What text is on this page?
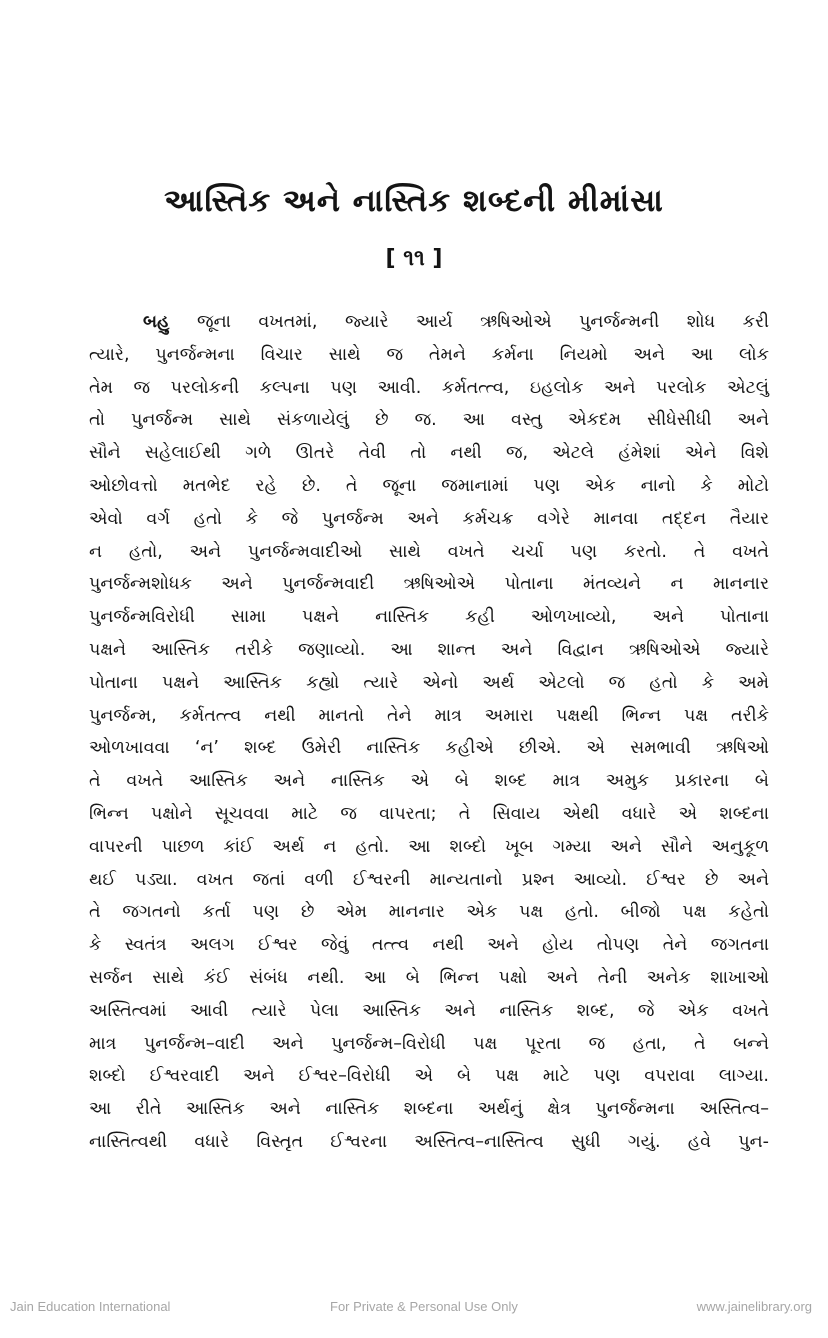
આસ્તિક અને નાસ્તિક શબ્દની મીમાંસા
[ ૧૧ ]
બહુ જૂના વખતમાં, જ્યારે આર્ય ઋષિઓએ પુનર્જન્મની શોધ કરી
ત્યારે, પુનર્જન્મના વિચાર સાથે જ તેમને કર્મના નિયમો અને આ લોક
તેમ જ પરલોકની કલ્પના પણ આવી. કર્મતત્ત્વ, ઇહલોક અને પરલોક એટલું
તો પુનર્જન્મ સાથે સંકળાયેલું છે જ. આ વસ્તુ એકદમ સીધેસીધી અને
સૌને સહેલાઈથી ગળે ઊતરે તેવી તો નથી જ, એટલે હંમેશાં એને વિશે
ઓછોવત્તો મતભેદ રહે છે. તે જૂના જમાનામાં પણ એક નાનો કે મોટો
એવો વર્ગ હતો કે જે પુનર્જન્મ અને કર્મચક્ર વગેરે માનવા તદ્દન તૈયાર
ન હતો, અને પુનર્જન્મવાદીઓ સાથે વખતે ચર્ચા પણ કરતો. તે વખતે
પુનર્જન્મશોધક અને પુનર્જન્મવાદી ઋષિઓએ પોતાના મંતવ્યને ન માનનાર
પુનર્જન્મવિરોધી સામા પક્ષને નાસ્તિક કહી ઓળખાવ્યો, અને પોતાના
પક્ષને આસ્તિક તરીકે જણાવ્યો. આ શાન્ત અને વિદ્વાન ઋષિઓએ જ્યારે
પોતાના પક્ષને આસ્તિક કહ્યો ત્યારે એનો અર્થ એટલો જ હતો કે અમે
પુનર્જન્મ, કર્મતત્ત્વ નથી માનતો તેને માત્ર અમારા પક્ષથી ભિન્ન પક્ષ તરીકે
ઓળખાવવા ‘ન’ શબ્દ ઉમેરી નાસ્તિક કહીએ છીએ. એ સમભાવી ઋષિઓ
તે વખતે આસ્તિક અને નાસ્તિક એ બે શબ્દ માત્ર અમુક પ્રકારના બે
ભિન્ન પક્ષોને સૂચવવા માટે જ વાપરતા; તે સિવાય એથી વધારે એ શબ્દના
વાપરની પાછળ કાંઈ અર્થ ન હતો. આ શબ્દો ખૂબ ગમ્યા અને સૌને અનુકૂળ
થઈ પડ્યા. વખત જતાં વળી ઈશ્વરની માન્યતાનો પ્રશ્ન આવ્યો. ઈશ્વર છે અને
તે જગતનો કર્તા પણ છે એમ માનનાર એક પક્ષ હતો. બીજો પક્ષ કહેતો
કે સ્વતંત્ર અલગ ઈશ્વર જેવું તત્ત્વ નથી અને હોય તોપણ તેને જગતના
સર્જન સાથે કંઈ સંબંધ નથી. આ બે ભિન્ન પક્ષો અને તેની અનેક શાખાઓ
અસ્તિત્વમાં આવી ત્યારે પેલા આસ્તિક અને નાસ્તિક શબ્દ, જે એક વખતે
માત્ર પુનર્જન્મ–વાદી અને પુનર્જન્મ–વિરોધી પક્ષ પૂરતા જ હતા, તે બન્ને
શબ્દો ઈશ્વરવાદી અને ઈશ્વર–વિરોધી એ બે પક્ષ માટે પણ વપરાવા લાગ્યા.
આ રીતે આસ્તિક અને નાસ્તિક શબ્દના અર્થનું ક્ષેત્ર પુનર્જન્મના અસ્તિત્વ–
નાસ્તિત્વથી વધારે વિસ્તૃત ઈશ્વરના અસ્તિત્વ–નાસ્તિત્વ સુધી ગયું. હવે પુન-
Jain Education International	For Private & Personal Use Only	www.jainelibrary.org
